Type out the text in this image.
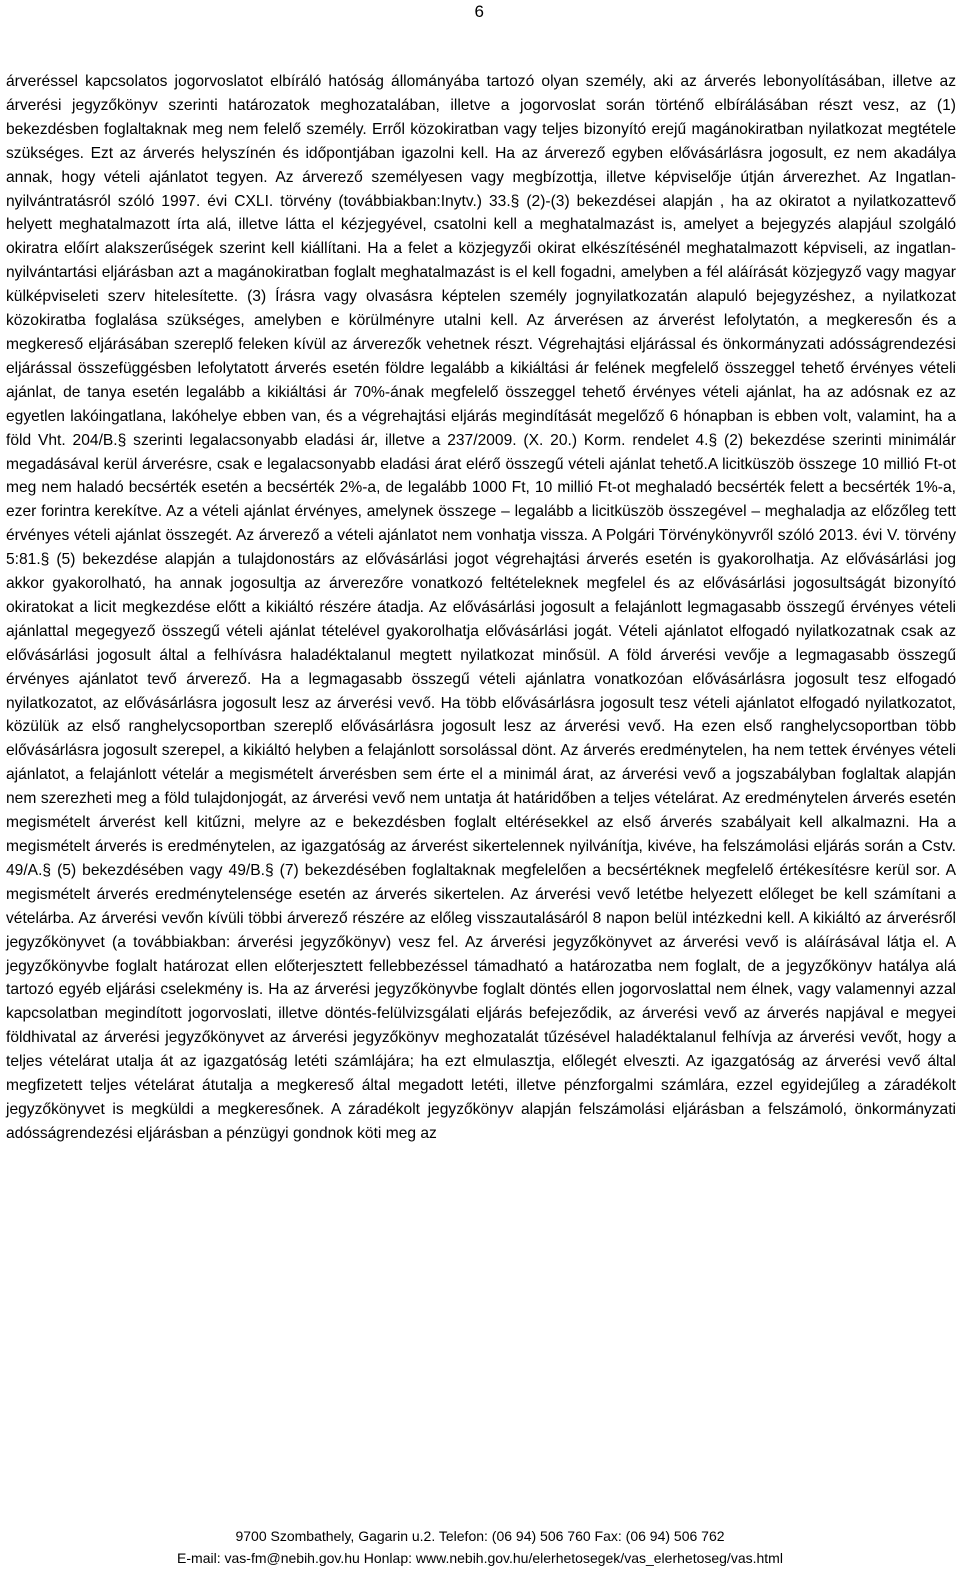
6

árveréssel kapcsolatos jogorvoslatot elbíráló hatóság állományába tartozó olyan személy, aki az árverés lebonyolításában, illetve az árverési jegyzőkönyv szerinti határozatok meghozatalában, illetve a jogorvoslat során történő elbírálásában részt vesz, az (1) bekezdésben foglaltaknak meg nem felelő személy. Erről közokiratban vagy teljes bizonyító erejű magánokiratban nyilatkozat megtétele szükséges. Ezt az árverés helyszínén és időpontjában igazolni kell. Ha az árverező egyben elővásárlásra jogosult, ez nem akadálya annak, hogy vételi ajánlatot tegyen. Az árverező személyesen vagy megbízottja, illetve képviselője útján árverezhet. Az Ingatlan-nyilvántratásról szóló 1997. évi CXLI. törvény (továbbiakban:Inytv.) 33.§ (2)-(3) bekezdései alapján , ha az okiratot a nyilatkozattevő helyett meghatalmazott írta alá, illetve látta el kézjegyével, csatolni kell a meghatalmazást is, amelyet a bejegyzés alapjául szolgáló okiratra előírt alakszerűségek szerint kell kiállítani. Ha a felet a közjegyzői okirat elkészítésénél meghatalmazott képviseli, az ingatlan-nyilvántartási eljárásban azt a magánokiratban foglalt meghatalmazást is el kell fogadni, amelyben a fél aláírását közjegyző vagy magyar külképviseleti szerv hitelesítette. (3) Írásra vagy olvasásra képtelen személy jognyilatkozatán alapuló bejegyzéshez, a nyilatkozat közokiratba foglalása szükséges, amelyben e körülményre utalni kell. Az árverésen az árverést lefolytatón, a megkeresőn és a megkereső eljárásában szereplő feleken kívül az árverezők vehetnek részt. Végrehajtási eljárással és önkormányzati adósságrendezési eljárással összefüggésben lefolytatott árverés esetén földre legalább a kikiáltási ár felének megfelelő összeggel tehető érvényes vételi ajánlat, de tanya esetén legalább a kikiáltási ár 70%-ának megfelelő összeggel tehető érvényes vételi ajánlat, ha az adósnak ez az egyetlen lakóingatlana, lakóhelye ebben van, és a végrehajtási eljárás megindítását megelőző 6 hónapban is ebben volt, valamint, ha a föld Vht. 204/B.§ szerinti legalacsonyabb eladási ár, illetve a 237/2009. (X. 20.) Korm. rendelet 4.§ (2) bekezdése szerinti minimálár megadásával kerül árverésre, csak e legalacsonyabb eladási árat elérő összegű vételi ajánlat tehető.A licitküszöb összege 10 millió Ft-ot meg nem haladó becsérték esetén a becsérték 2%-a, de legalább 1000 Ft, 10 millió Ft-ot meghaladó becsérték felett a becsérték 1%-a, ezer forintra kerekítve. Az a vételi ajánlat érvényes, amelynek összege – legalább a licitküszöb összegével – meghaladja az előzőleg tett érvényes vételi ajánlat összegét. Az árverező a vételi ajánlatot nem vonhatja vissza. A Polgári Törvénykönyvről szóló 2013. évi V. törvény 5:81.§ (5) bekezdése alapján a tulajdonostárs az elővásárlási jogot végrehajtási árverés esetén is gyakorolhatja. Az elővásárlási jog akkor gyakorolható, ha annak jogosultja az árverezőre vonatkozó feltételeknek megfelel és az elővásárlási jogosultságát bizonyító okiratokat a licit megkezdése előtt a kikiáltó részére átadja. Az elővásárlási jogosult a felajánlott legmagasabb összegű érvényes vételi ajánlattal megegyező összegű vételi ajánlat tételével gyakorolhatja elővásárlási jogát. Vételi ajánlatot elfogadó nyilatkozatnak csak az elővásárlási jogosult által a felhívásra haladéktalanul megtett nyilatkozat minősül. A föld árverési vevője a legmagasabb összegű érvényes ajánlatot tevő árverező. Ha a legmagasabb összegű vételi ajánlatra vonatkozóan elővásárlásra jogosult tesz elfogadó nyilatkozatot, az elővásárlásra jogosult lesz az árverési vevő. Ha több elővásárlásra jogosult tesz vételi ajánlatot elfogadó nyilatkozatot, közülük az első ranghelycsoportban szereplő elővásárlásra jogosult lesz az árverési vevő. Ha ezen első ranghelycsoportban több elővásárlásra jogosult szerepel, a kikiáltó helyben a felajánlott sorsolással dönt. Az árverés eredménytelen, ha nem tettek érvényes vételi ajánlatot, a felajánlott vételár a megismételt árverésben sem érte el a minimál árat, az árverési vevő a jogszabályban foglaltak alapján nem szerezheti meg a föld tulajdonjogát, az árverési vevő nem untatja át határidőben a teljes vételárat. Az eredménytelen árverés esetén megismételt árverést kell kitűzni, melyre az e bekezdésben foglalt eltérésekkel az első árverés szabályait kell alkalmazni. Ha a megismételt árverés is eredménytelen, az igazgatóság az árverést sikertelennek nyilvánítja, kivéve, ha felszámolási eljárás során a Cstv. 49/A.§ (5) bekezdésében vagy 49/B.§ (7) bekezdésében foglaltaknak megfelelően a becsértéknek megfelelő értékesítésre kerül sor. A megismételt árverés eredménytelensége esetén az árverés sikertelen. Az árverési vevő letétbe helyezett előleget be kell számítani a vételárba. Az árverési vevőn kívüli többi árverező részére az előleg visszautalásáról 8 napon belül intézkedni kell. A kikiáltó az árverésről jegyzőkönyvet (a továbbiakban: árverési jegyzőkönyv) vesz fel. Az árverési jegyzőkönyvet az árverési vevő is aláírásával látja el. A jegyzőkönyvbe foglalt határozat ellen előterjesztett fellebbezéssel támadható a határozatba nem foglalt, de a jegyzőkönyv hatálya alá tartozó egyéb eljárási cselekmény is. Ha az árverési jegyzőkönyvbe foglalt döntés ellen jogorvoslattal nem élnek, vagy valamennyi azzal kapcsolatban megindított jogorvoslati, illetve döntés-felülvizsgálati eljárás befejeződik, az árverési vevő az árverés napjával e megyei földhivatal az árverési jegyzőkönyvet az árverési jegyzőkönyv meghozatalát tűzésével haladéktalanul felhívja az árverési vevőt, hogy a teljes vételárat utalja át az igazgatóság letéti számlájára; ha ezt elmulasztja, előlegét elveszti. Az igazgatóság az árverési vevő által megfizetett teljes vételárat átutalja a megkereső által megadott letéti, illetve pénzforgalmi számlára, ezzel egyidejűleg a záradékolt jegyzőkönyvet is megküldi a megkeresőnek. A záradékolt jegyzőkönyv alapján felszámolási eljárásban a felszámoló, önkormányzati adósságrendezési eljárásban a pénzügyi gondnok köti meg az

9700 Szombathely, Gagarin u.2. Telefon: (06 94) 506 760 Fax: (06 94) 506 762
E-mail: vas-fm@nebih.gov.hu Honlap: www.nebih.gov.hu/elerhetosegek/vas_elerhetoseg/vas.html
